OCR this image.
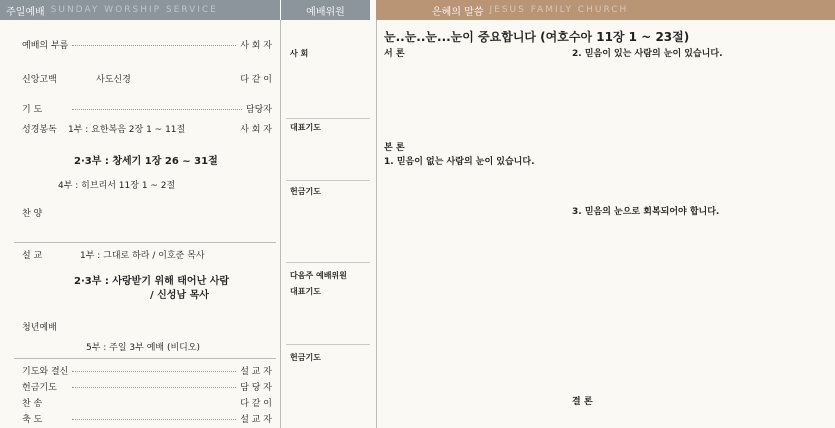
주일예배 SUNDAY WORSHIP SERVICE	예배위원	은혜의 말씀 JESUS FAMILY CHURCH
예배의 부름	사 회 자
신앙고백	사도신경	다 같 이
기 도	담당자
성경봉독	1부 : 요한복음 2장 1 ~ 11절	사 회 자
2·3부 : 창세기 1장 26 ~ 31절
4부 : 히브리서 11장 1 ~ 2절
찬 양
설 교	1부 : 그대로 하라 / 이호준 목사
2·3부 : 사랑받기 위해 태어난 사람
/ 신성남 목사
청년예배
5부 : 주일 3부 예배 (비디오)
기도와 결신	설 교 자
헌금기도	담 당 자
찬 송	다 같 이
축 도	설 교 자
사 회
대표기도
헌금기도
다음주 예배위원
대표기도
헌금기도
눈..눈..눈...눈이 중요합니다 (여호수아 11장 1 ~ 23절)
서 론
본 론
1. 믿음이 없는 사람의 눈이 있습니다.
2. 믿음이 있는 사람의 눈이 있습니다.
3. 믿음의 눈으로 회복되어야 합니다.
결 론
